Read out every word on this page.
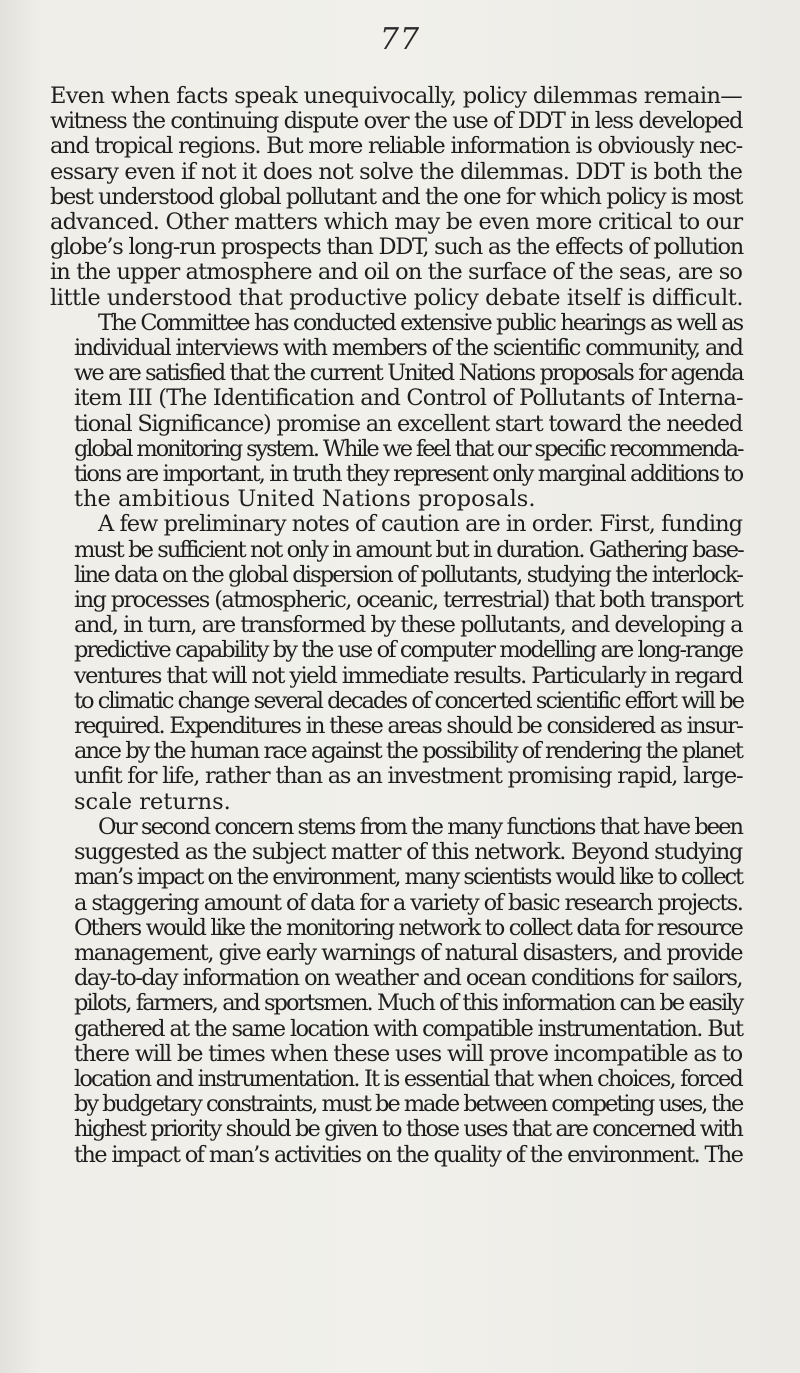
77

Even when facts speak unequivocally, policy dilemmas remain—
witness the continuing dispute over the use of DDT in less developed
and tropical regions. But more reliable information is obviously nec-
essary even if not it does not solve the dilemmas. DDT is both the
best understood global pollutant and the one for which policy is most
advanced. Other matters which may be even more critical to our
globe’s long-run prospects than DDT, such as the effects of pollution
in the upper atmosphere and oil on the surface of the seas, are so
little understood that productive policy debate itself is difficult.

The Committee has conducted extensive public hearings as well as
individual interviews with members of the scientific community, and
we are satisfied that the current United Nations proposals for agenda
item III (The Identification and Control of Pollutants of Interna-
tional Significance) promise an excellent start toward the needed
global monitoring system. While we feel that our specific recommenda-
tions are important, in truth they represent only marginal additions to
the ambitious United Nations proposals.

A few preliminary notes of caution are in order. First, funding
must be sufficient not only in amount but in duration. Gathering base-
line data on the global dispersion of pollutants, studying the interlock-
ing processes (atmospheric, oceanic, terrestrial) that both transport
and, in turn, are transformed by these pollutants, and developing a
predictive capability by the use of computer modelling are long-range
ventures that will not yield immediate results. Particularly in regard
to climatic change several decades of concerted scientific effort will be
required. Expenditures in these areas should be considered as insur-
ance by the human race against the possibility of rendering the planet
unfit for life, rather than as an investment promising rapid, large-
scale returns.

Our second concern stems from the many functions that have been
suggested as the subject matter of this network. Beyond studying
man’s impact on the environment, many scientists would like to collect
a staggering amount of data for a variety of basic research projects.
Others would like the monitoring network to collect data for resource
management, give early warnings of natural disasters, and provide
day-to-day information on weather and ocean conditions for sailors,
pilots, farmers, and sportsmen. Much of this information can be easily
gathered at the same location with compatible instrumentation. But
there will be times when these uses will prove incompatible as to
location and instrumentation. It is essential that when choices, forced
by budgetary constraints, must be made between competing uses, the
highest priority should be given to those uses that are concerned with
the impact of man’s activities on the quality of the environment. The
